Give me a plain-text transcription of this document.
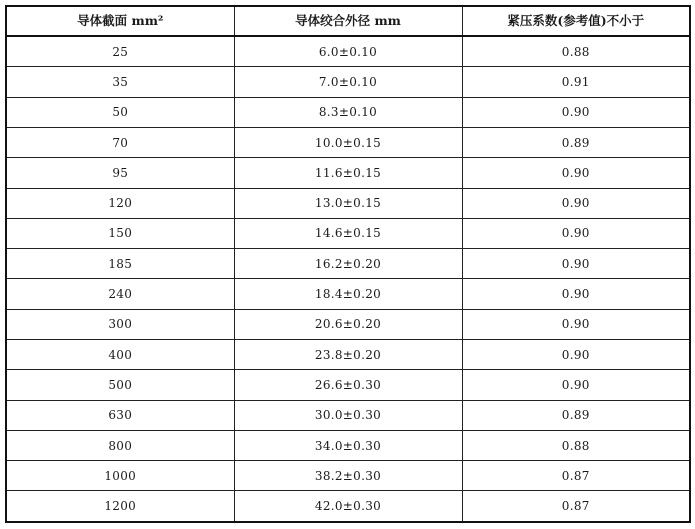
导体截面 mm²	导体绞合外径 mm	紧压系数(参考值)不小于
25	6.0±0.10	0.88
35	7.0±0.10	0.91
50	8.3±0.10	0.90
70	10.0±0.15	0.89
95	11.6±0.15	0.90
120	13.0±0.15	0.90
150	14.6±0.15	0.90
185	16.2±0.20	0.90
240	18.4±0.20	0.90
300	20.6±0.20	0.90
400	23.8±0.20	0.90
500	26.6±0.30	0.90
630	30.0±0.30	0.89
800	34.0±0.30	0.88
1000	38.2±0.30	0.87
1200	42.0±0.30	0.87
